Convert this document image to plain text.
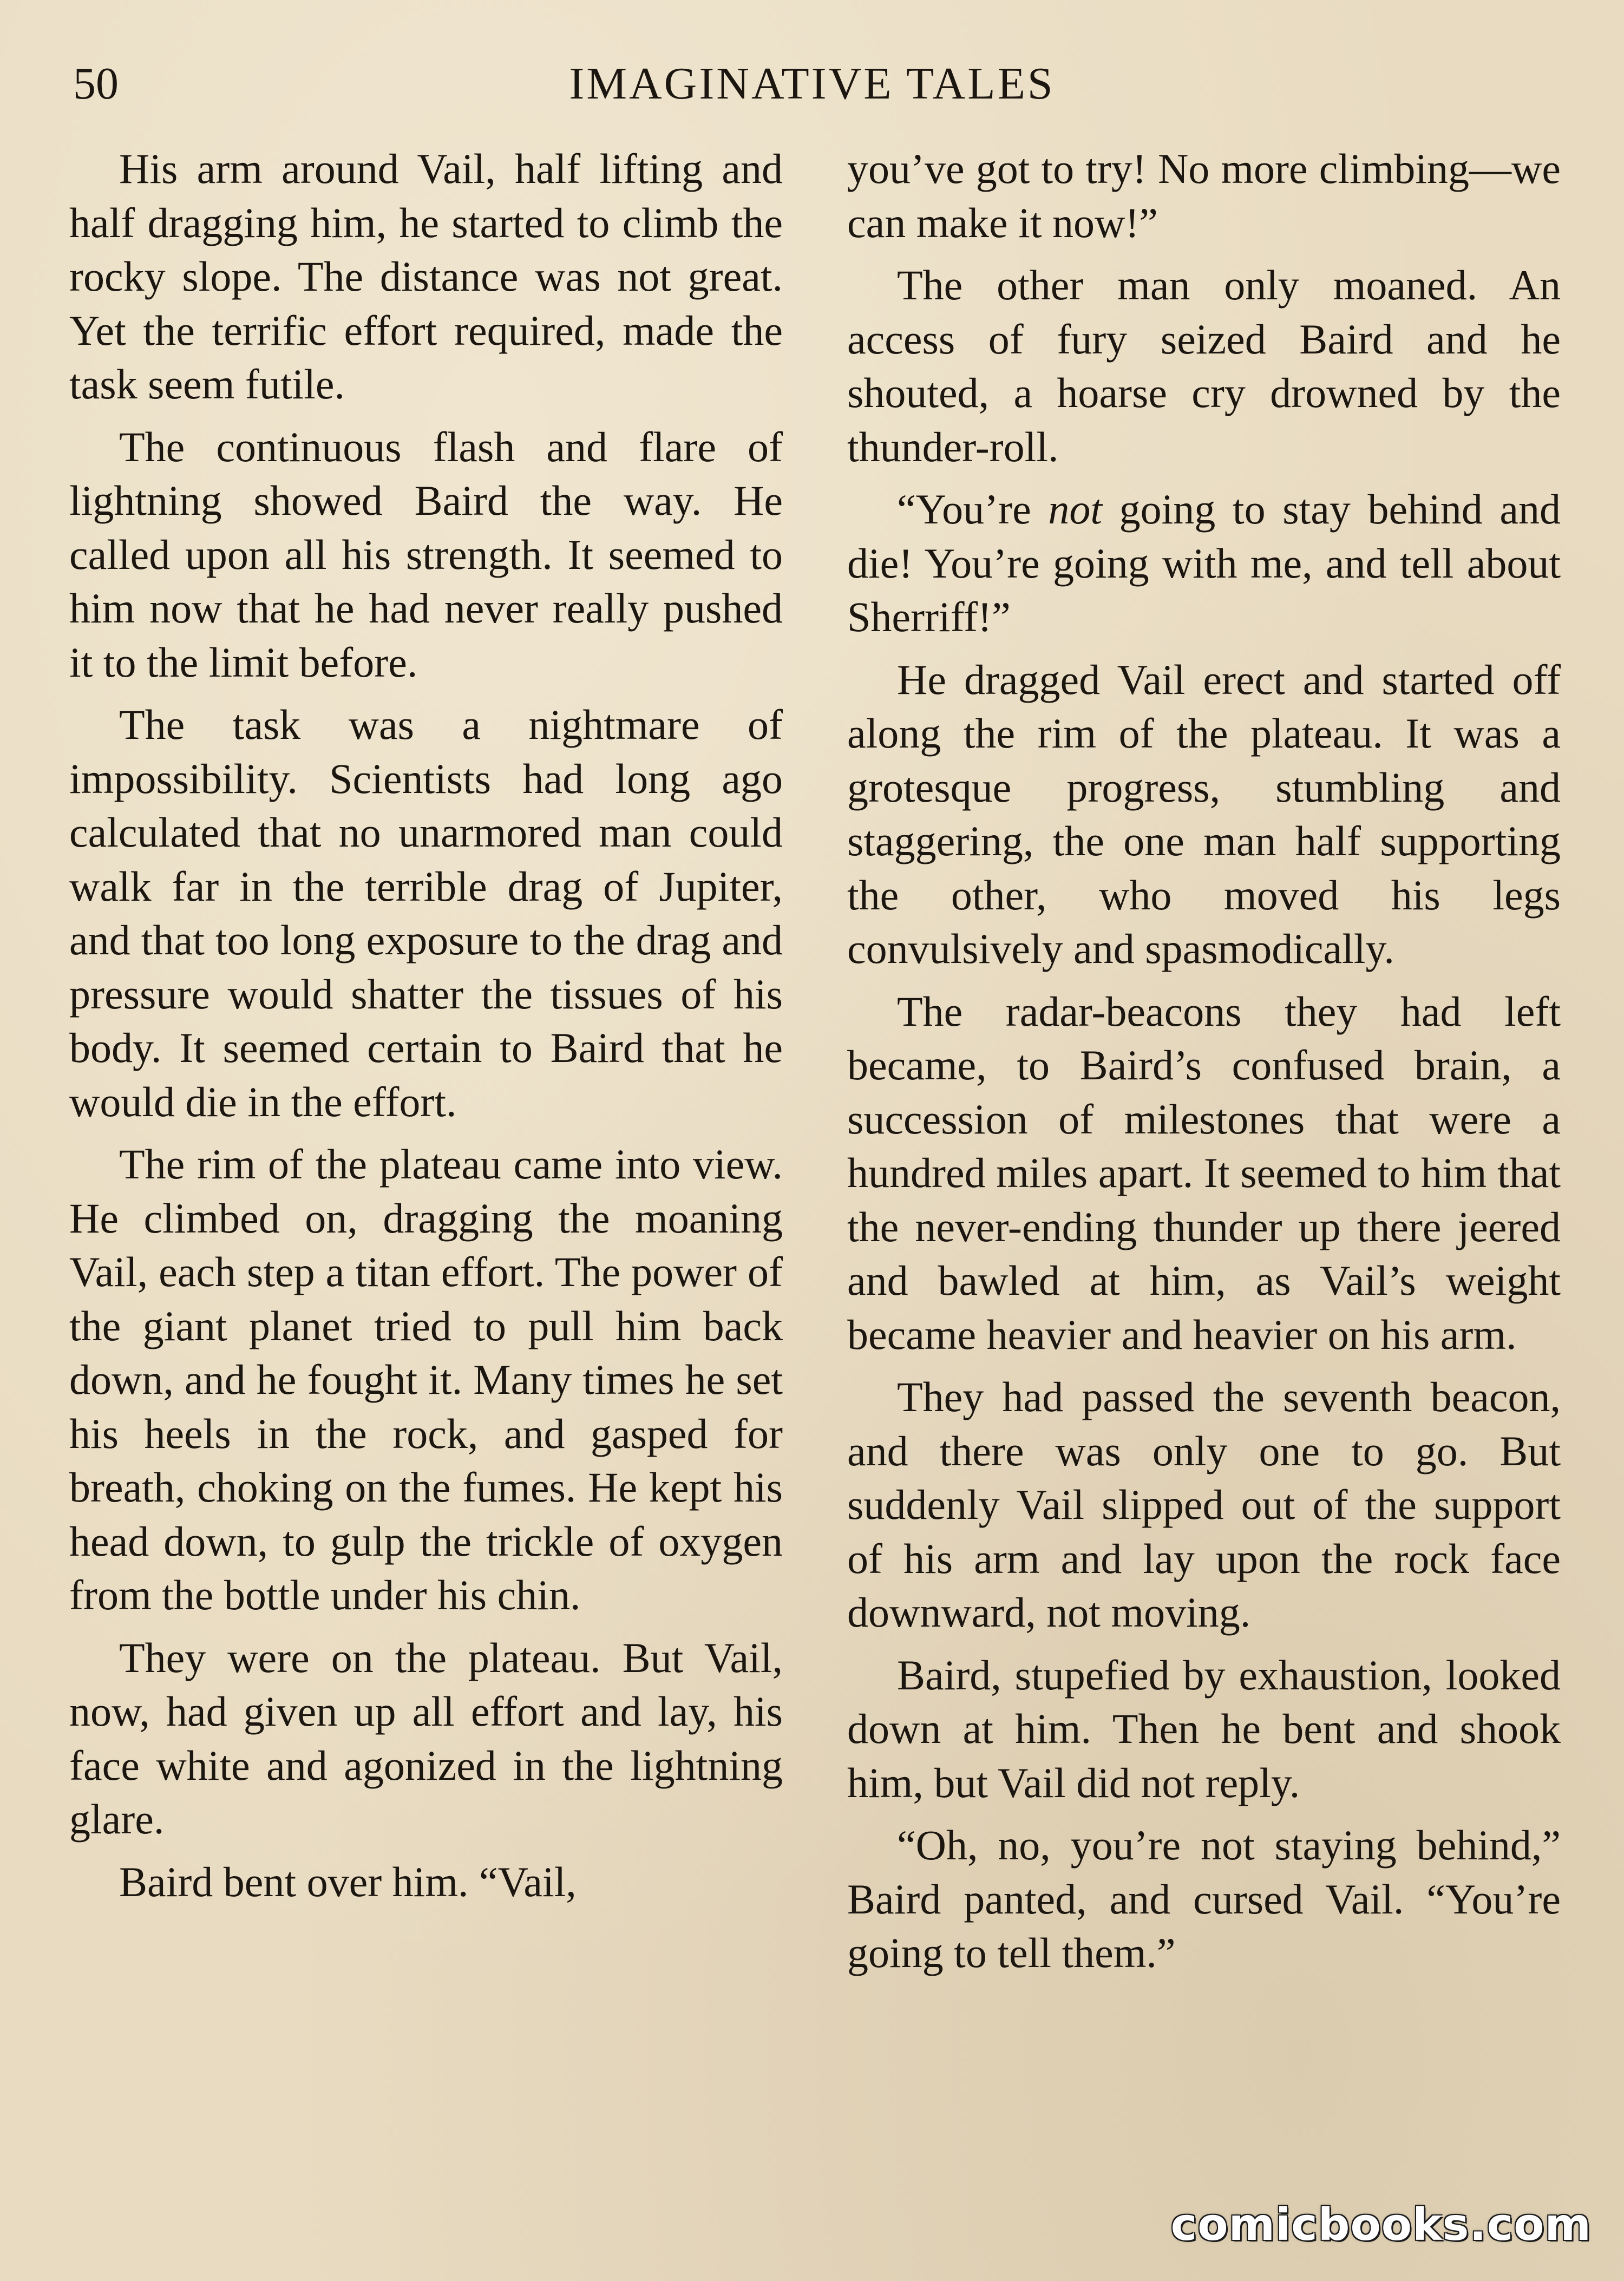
50	IMAGINATIVE TALES

His arm around Vail, half lifting and half dragging him, he started to climb the rocky slope. The distance was not great. Yet the terrific effort required, made the task seem futile.

The continuous flash and flare of lightning showed Baird the way. He called upon all his strength. It seemed to him now that he had never really pushed it to the limit before.

The task was a nightmare of impossibility. Scientists had long ago calculated that no unarmored man could walk far in the terrible drag of Jupiter, and that too long exposure to the drag and pressure would shatter the tissues of his body. It seemed certain to Baird that he would die in the effort.

The rim of the plateau came into view. He climbed on, dragging the moaning Vail, each step a titan effort. The power of the giant planet tried to pull him back down, and he fought it. Many times he set his heels in the rock, and gasped for breath, choking on the fumes. He kept his head down, to gulp the trickle of oxygen from the bottle under his chin.

They were on the plateau. But Vail, now, had given up all effort and lay, his face white and agonized in the lightning glare.

Baird bent over him. “Vail,

you’ve got to try! No more climbing—we can make it now!”

The other man only moaned. An access of fury seized Baird and he shouted, a hoarse cry drowned by the thunder-roll.

“You’re not going to stay behind and die! You’re going with me, and tell about Sherriff!”

He dragged Vail erect and started off along the rim of the plateau. It was a grotesque progress, stumbling and staggering, the one man half supporting the other, who moved his legs convulsively and spasmodically.

The radar-beacons they had left became, to Baird’s confused brain, a succession of milestones that were a hundred miles apart. It seemed to him that the never-ending thunder up there jeered and bawled at him, as Vail’s weight became heavier and heavier on his arm.

They had passed the seventh beacon, and there was only one to go. But suddenly Vail slipped out of the support of his arm and lay upon the rock face downward, not moving.

Baird, stupefied by exhaustion, looked down at him. Then he bent and shook him, but Vail did not reply.

“Oh, no, you’re not staying behind,” Baird panted, and cursed Vail. “You’re going to tell them.”

comicbooks.com
